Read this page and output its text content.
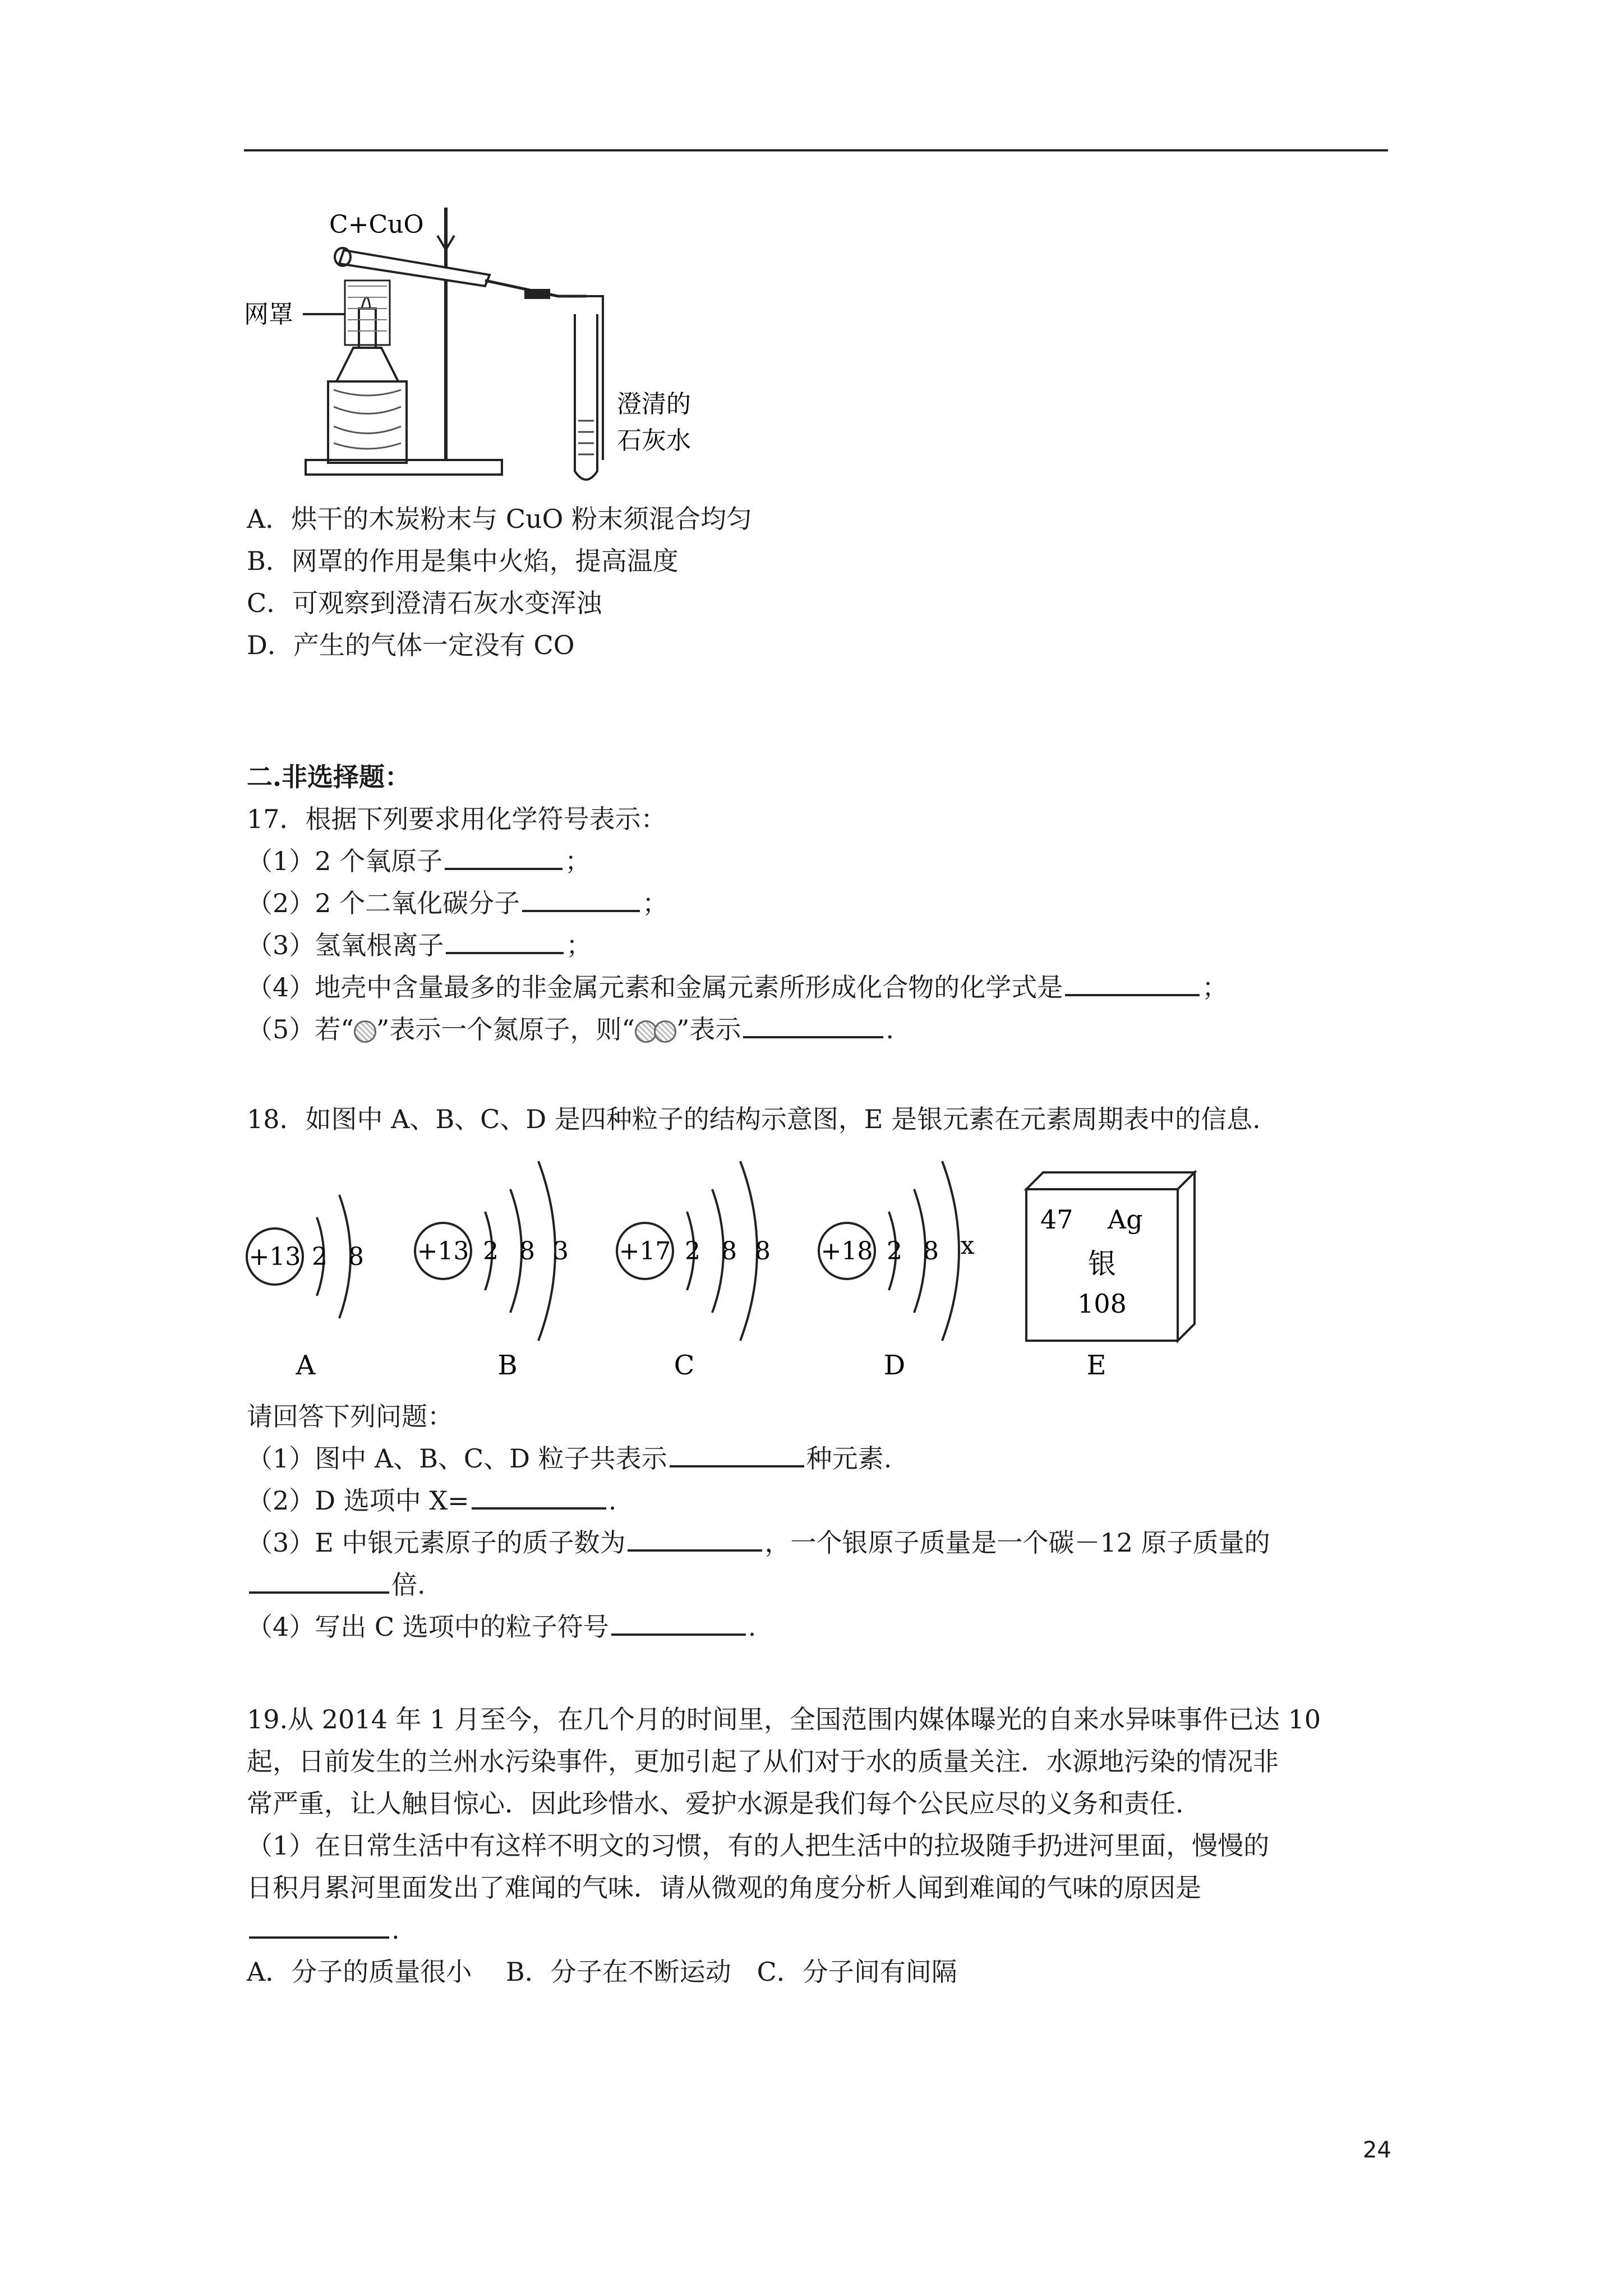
C+CuO
网罩
澄清的
石灰水
A．烘干的木炭粉末与 CuO 粉末须混合均匀
B．网罩的作用是集中火焰，提高温度
C．可观察到澄清石灰水变浑浊
D．产生的气体一定没有 CO
二.非选择题：
17．根据下列要求用化学符号表示：
（1）2 个氧原子	；
（2）2 个二氧化碳分子	；
（3）氢氧根离子	；
（4）地壳中含量最多的非金属元素和金属元素所形成化合物的化学式是	；
（5）若“ ”表示一个氮原子，则“ ”表示	.
18．如图中 A、B、C、D 是四种粒子的结构示意图，E 是银元素在元素周期表中的信息.
+13 2 8
A
+13 2 8 3
B
+17 2 8 8
C
+18 2 8 x
D
47 Ag
银
108
E
请回答下列问题：
（1）图中 A、B、C、D 粒子共表示	种元素.
（2）D 选项中 X=	.
（3）E 中银元素原子的质子数为	，一个银原子质量是一个碳－12 原子质量的
倍.
（4）写出 C 选项中的粒子符号	.
19.从 2014 年 1 月至今，在几个月的时间里，全国范围内媒体曝光的自来水异味事件已达 10
起，日前发生的兰州水污染事件，更加引起了从们对于水的质量关注．水源地污染的情况非
常严重，让人触目惊心．因此珍惜水、爱护水源是我们每个公民应尽的义务和责任.
（1）在日常生活中有这样不明文的习惯，有的人把生活中的拉圾随手扔进河里面，慢慢的
日积月累河里面发出了难闻的气味．请从微观的角度分析人闻到难闻的气味的原因是
.
A．分子的质量很小　 B．分子在不断运动　C．分子间有间隔
24
